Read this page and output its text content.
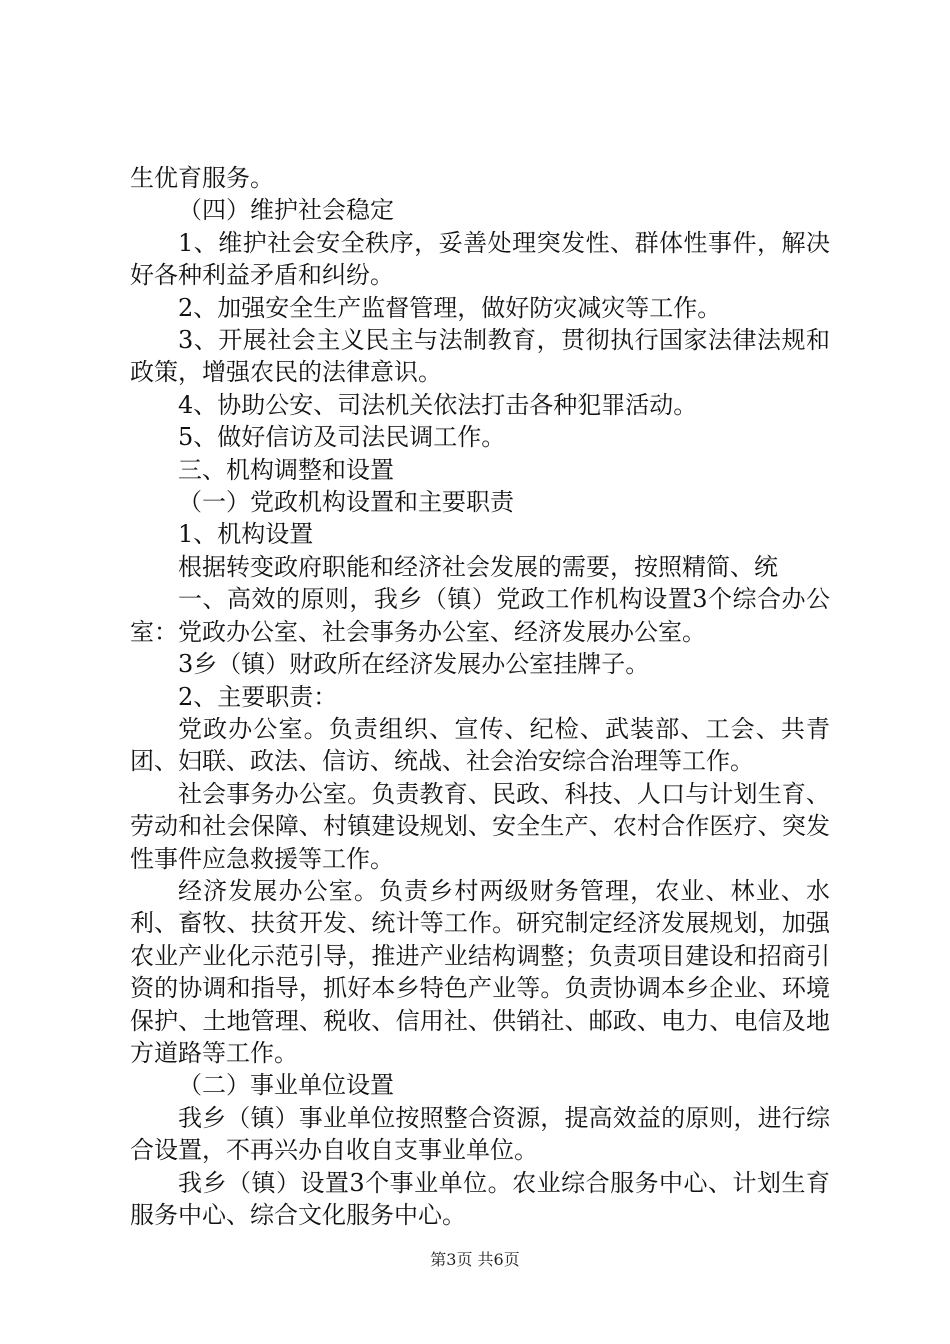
生优育服务。

（四）维护社会稳定

1、维护社会安全秩序，妥善处理突发性、群体性事件，解决好各种利益矛盾和纠纷。

2、加强安全生产监督管理，做好防灾减灾等工作。

3、开展社会主义民主与法制教育，贯彻执行国家法律法规和政策，增强农民的法律意识。

4、协助公安、司法机关依法打击各种犯罪活动。

5、做好信访及司法民调工作。

三、机构调整和设置

（一）党政机构设置和主要职责

1、机构设置

根据转变政府职能和经济社会发展的需要，按照精简、统

一、高效的原则，我乡（镇）党政工作机构设置3个综合办公室：党政办公室、社会事务办公室、经济发展办公室。

3乡（镇）财政所在经济发展办公室挂牌子。

2、主要职责：

党政办公室。负责组织、宣传、纪检、武装部、工会、共青团、妇联、政法、信访、统战、社会治安综合治理等工作。

社会事务办公室。负责教育、民政、科技、人口与计划生育、劳动和社会保障、村镇建设规划、安全生产、农村合作医疗、突发性事件应急救援等工作。

经济发展办公室。负责乡村两级财务管理，农业、林业、水利、畜牧、扶贫开发、统计等工作。研究制定经济发展规划，加强农业产业化示范引导，推进产业结构调整；负责项目建设和招商引资的协调和指导，抓好本乡特色产业等。负责协调本乡企业、环境保护、土地管理、税收、信用社、供销社、邮政、电力、电信及地方道路等工作。

（二）事业单位设置

我乡（镇）事业单位按照整合资源，提高效益的原则，进行综合设置，不再兴办自收自支事业单位。

我乡（镇）设置3个事业单位。农业综合服务中心、计划生育服务中心、综合文化服务中心。

第3页 共6页
